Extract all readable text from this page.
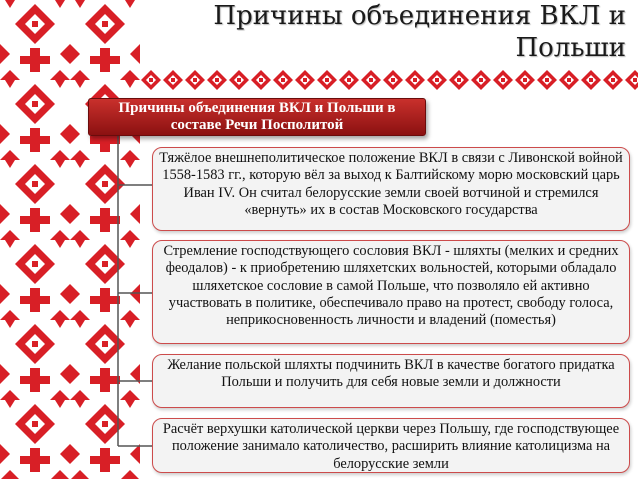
Причины объединения ВКЛ и Польши
Причины объединения ВКЛ и Польши в составе Речи Посполитой
Тяжёлое внешнеполитическое положение ВКЛ в связи с Ливонской войной 1558-1583 гг., которую вёл за выход к Балтийскому морю московский царь Иван IV. Он считал белорусские земли своей вотчиной и стремился «вернуть» их в состав Московского государства
Стремление господствующего сословия ВКЛ - шляхты (мелких и средних феодалов) - к приобретению шляхетских вольностей, которыми обладало шляхетское сословие в самой Польше, что позволяло ей активно участвовать в политике, обеспечивало право на протест, свободу голоса, неприкосновенность личности и владений (поместья)
Желание польской шляхты подчинить ВКЛ в качестве богатого придатка Польши и получить для себя новые земли и должности
Расчёт верхушки католической церкви через Польшу, где господствующее положение занимало католичество, расширить влияние католицизма на белорусские земли
